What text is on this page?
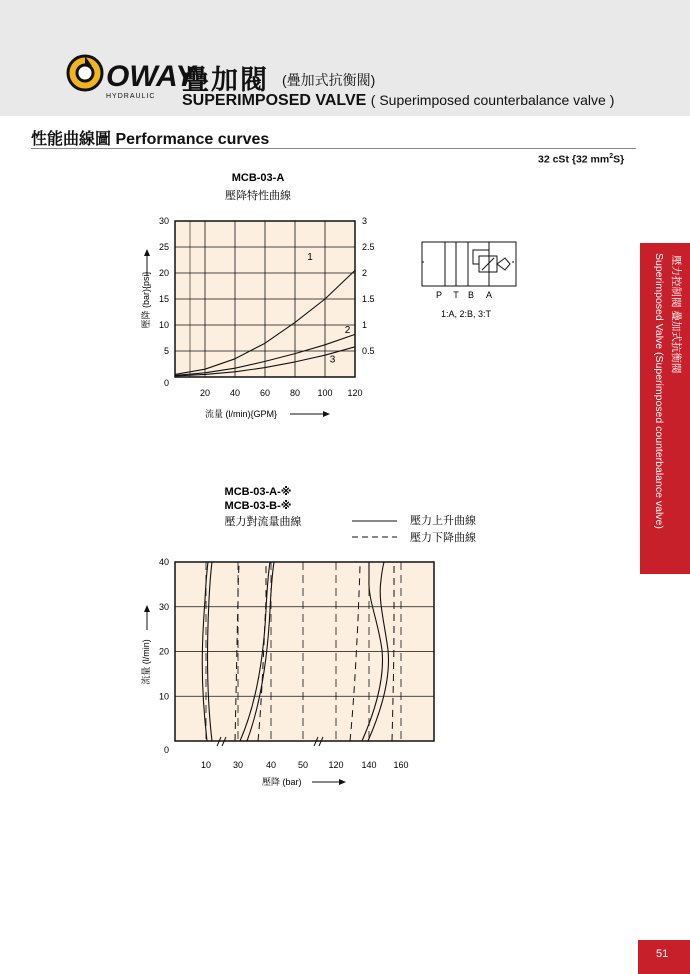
OWAY
HYDRAULIC
疊加閥 (疊加式抗衡閥)
SUPERIMPOSED VALVE ( Superimposed counterbalance valve )
性能曲線圖 Performance curves
32 cSt {32 $mm^2S$}
MCB-03-A
壓降特性曲線
20 40 60 80 100 120
0
5
10
15
20
25
30
0.5
1
1.5
2
2.5
3
1
2
3
壓降 (bar){psi}
流量 (l/min){GPM}
P T B A
1:A, 2:B, 3:T
MCB-03-A-※
MCB-03-B-※
壓力對流量曲線	壓力上升曲線
壓力下降曲線
10 30	40 50 120 140 160
0
10
20
30
40
流量 (l/min)
壓降 (bar)
壓力控制閥 疊加式抗衡閥
Superimposed Valve (Superimposed counterbalance valve)
51
